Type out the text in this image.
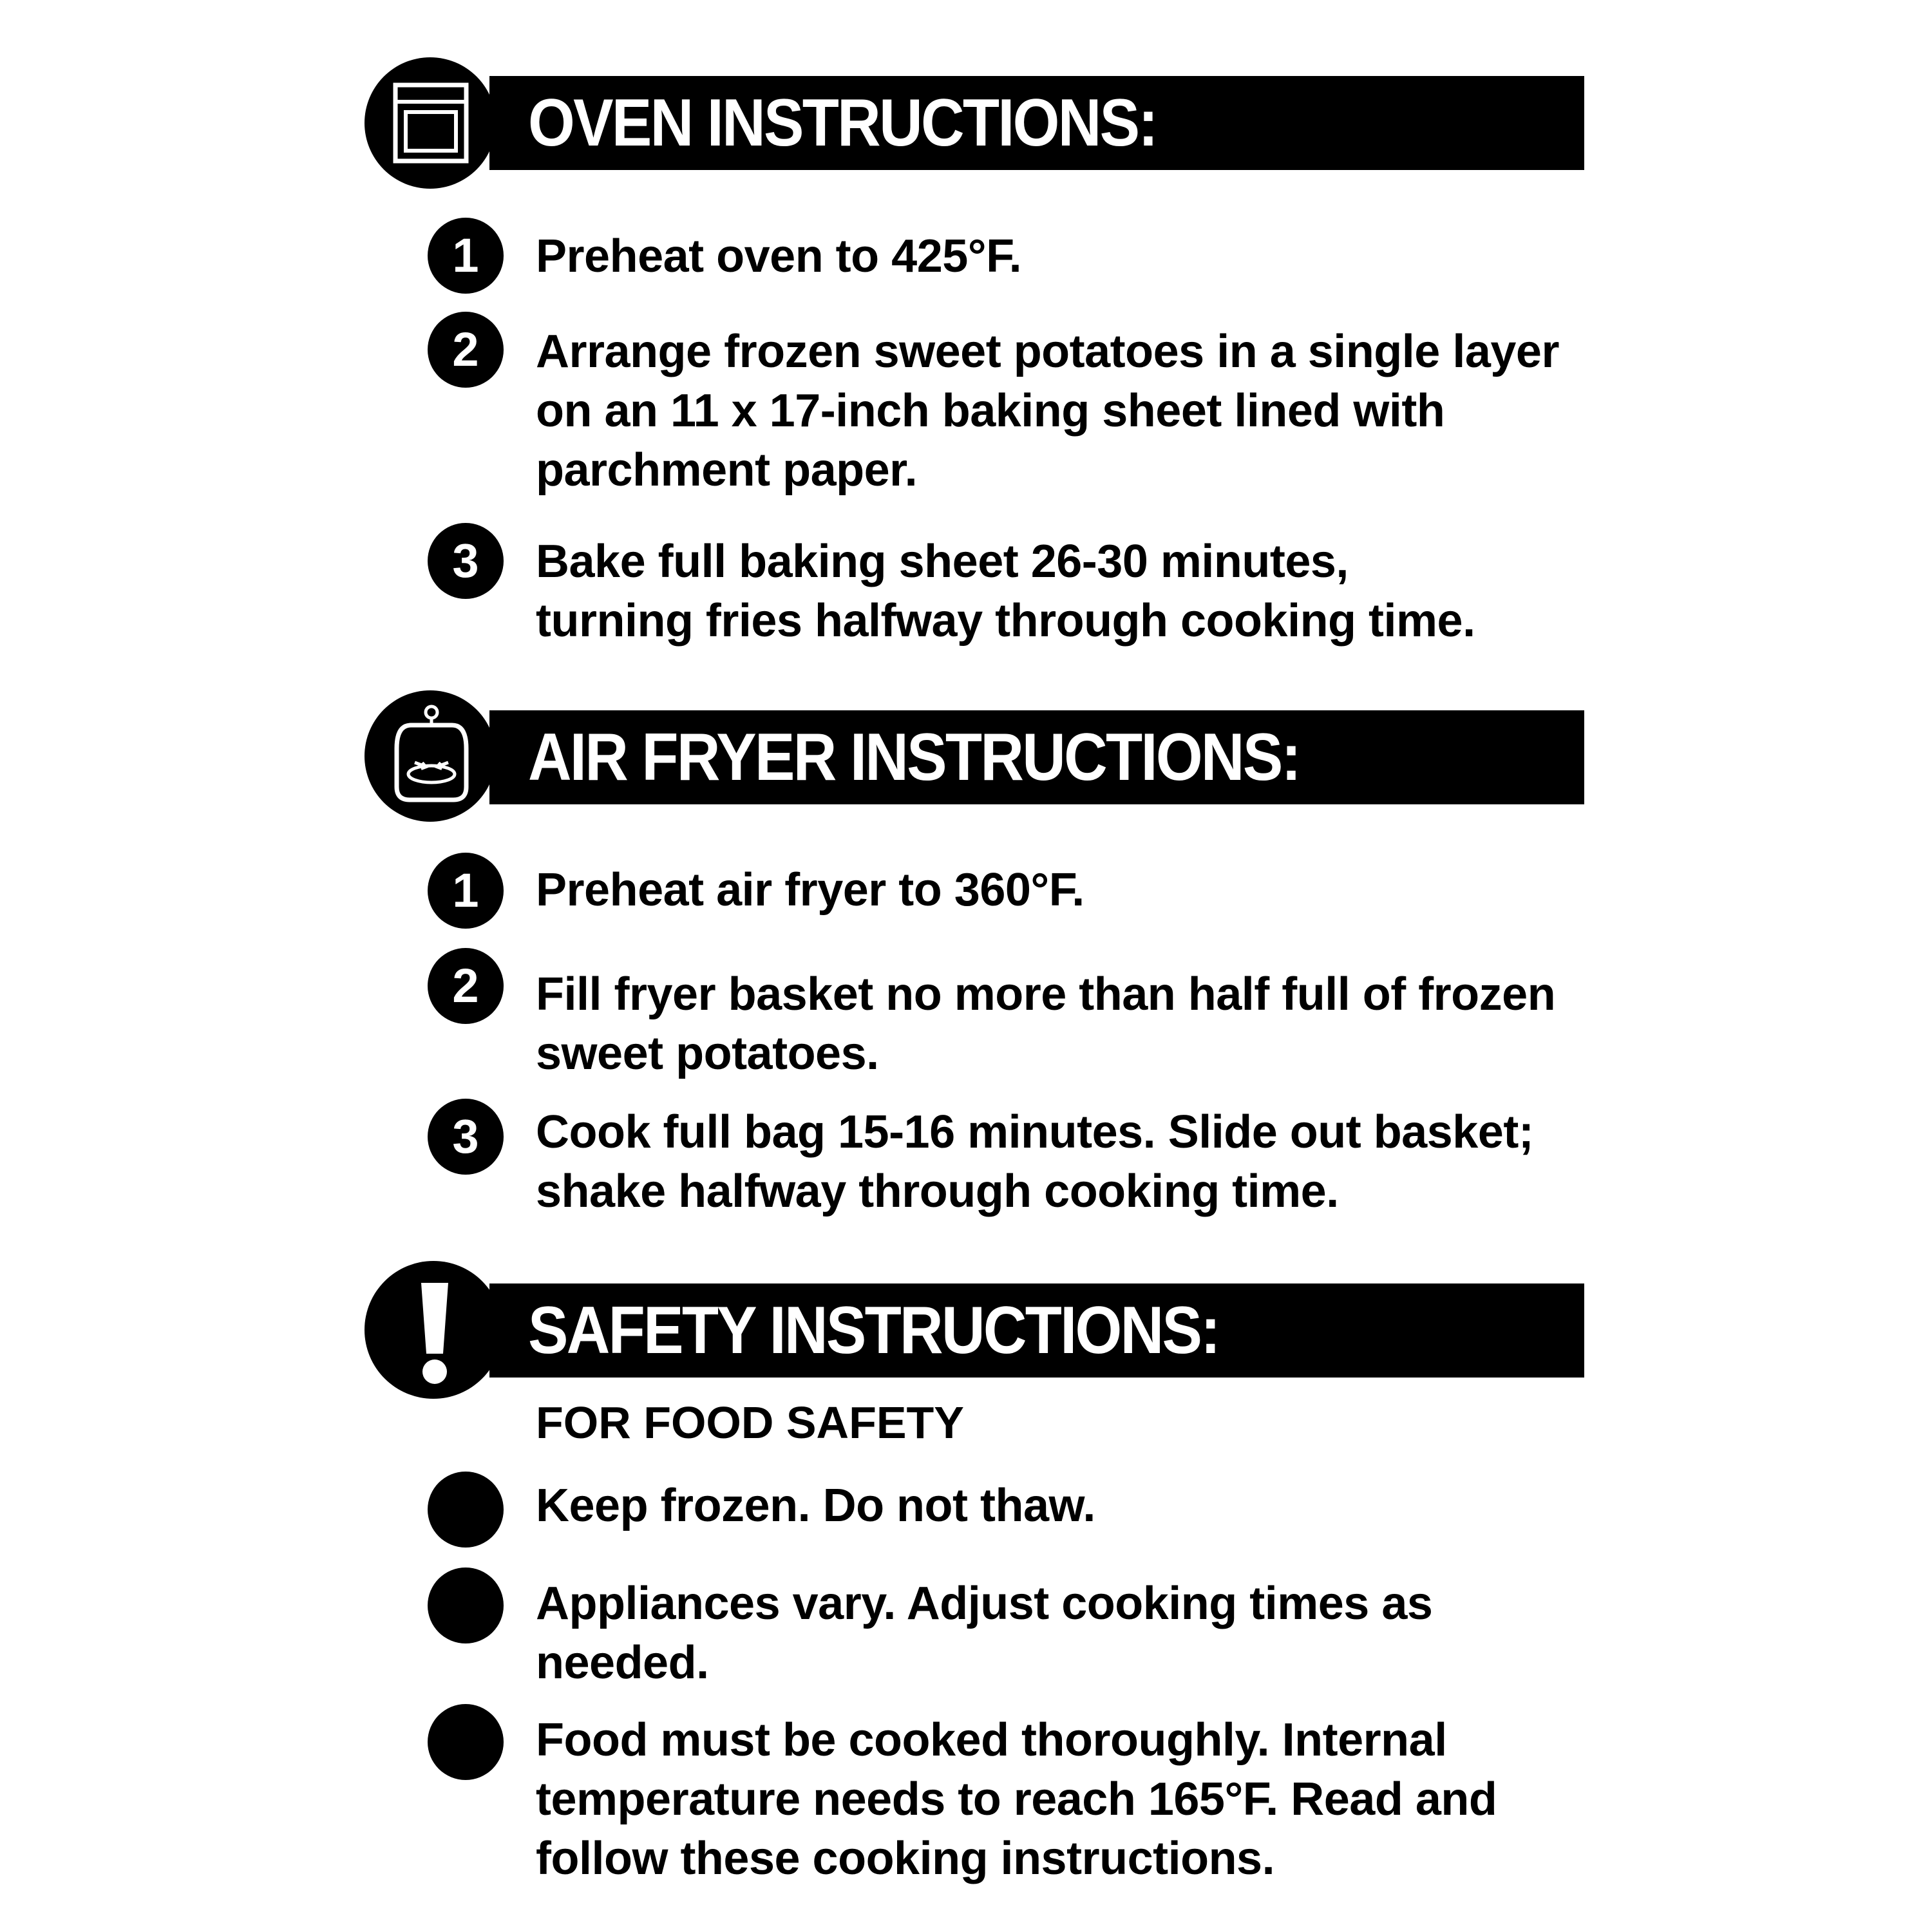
OVEN INSTRUCTIONS:
1	Preheat oven to 425°F.
2	Arrange frozen sweet potatoes in a single layer
on an 11 x 17-inch baking sheet lined with
parchment paper.
3	Bake full baking sheet 26-30 minutes,
turning fries halfway through cooking time.
AIR FRYER INSTRUCTIONS:
1	Preheat air fryer to 360°F.
2	Fill fryer basket no more than half full of frozen
sweet potatoes.
3	Cook full bag 15-16 minutes. Slide out basket;
shake halfway through cooking time.
SAFETY INSTRUCTIONS:
FOR FOOD SAFETY
Keep frozen. Do not thaw.
Appliances vary. Adjust cooking times as
needed.
Food must be cooked thoroughly. Internal
temperature needs to reach 165°F. Read and
follow these cooking instructions.
